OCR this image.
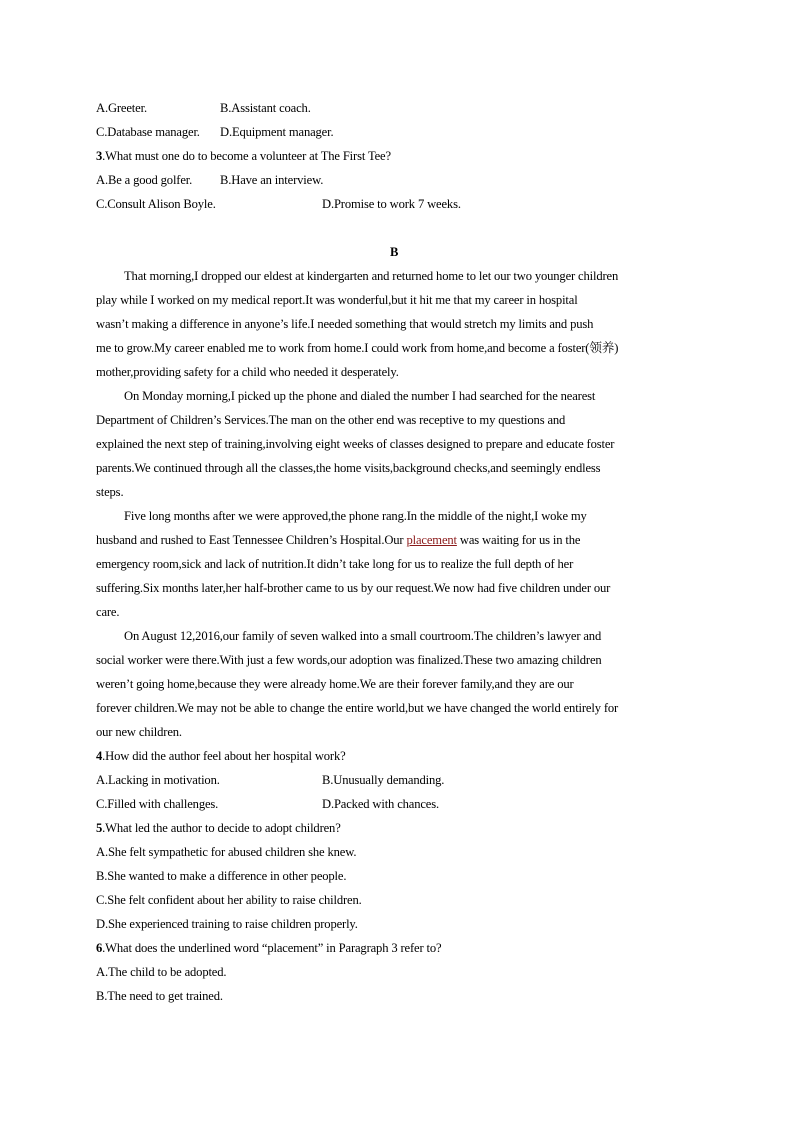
A.Greeter.	B.Assistant coach.
C.Database manager. D.Equipment manager.
3.What must one do to become a volunteer at The First Tee?
A.Be a good golfer. B.Have an interview.
C.Consult Alison Boyle.	D.Promise to work 7 weeks.
B
That morning,I dropped our eldest at kindergarten and returned home to let our two younger children
play while I worked on my medical report.It was wonderful,but it hit me that my career in hospital
wasn’t making a difference in anyone’s life.I needed something that would stretch my limits and push
me to grow.My career enabled me to work from home.I could work from home,and become a foster(领养)
mother,providing safety for a child who needed it desperately.
On Monday morning,I picked up the phone and dialed the number I had searched for the nearest
Department of Children’s Services.The man on the other end was receptive to my questions and
explained the next step of training,involving eight weeks of classes designed to prepare and educate foster
parents.We continued through all the classes,the home visits,background checks,and seemingly endless
steps.
Five long months after we were approved,the phone rang.In the middle of the night,I woke my
husband and rushed to East Tennessee Children’s Hospital.Our placement was waiting for us in the
emergency room,sick and lack of nutrition.It didn’t take long for us to realize the full depth of her
suffering.Six months later,her half-brother came to us by our request.We now had five children under our
care.
On August 12,2016,our family of seven walked into a small courtroom.The children’s lawyer and
social worker were there.With just a few words,our adoption was finalized.These two amazing children
weren’t going home,because they were already home.We are their forever family,and they are our
forever children.We may not be able to change the entire world,but we have changed the world entirely for
our new children.
4.How did the author feel about her hospital work?
A.Lacking in motivation.	B.Unusually demanding.
C.Filled with challenges.	D.Packed with chances.
5.What led the author to decide to adopt children?
A.She felt sympathetic for abused children she knew.
B.She wanted to make a difference in other people.
C.She felt confident about her ability to raise children.
D.She experienced training to raise children properly.
6.What does the underlined word “placement” in Paragraph 3 refer to?
A.The child to be adopted.
B.The need to get trained.
